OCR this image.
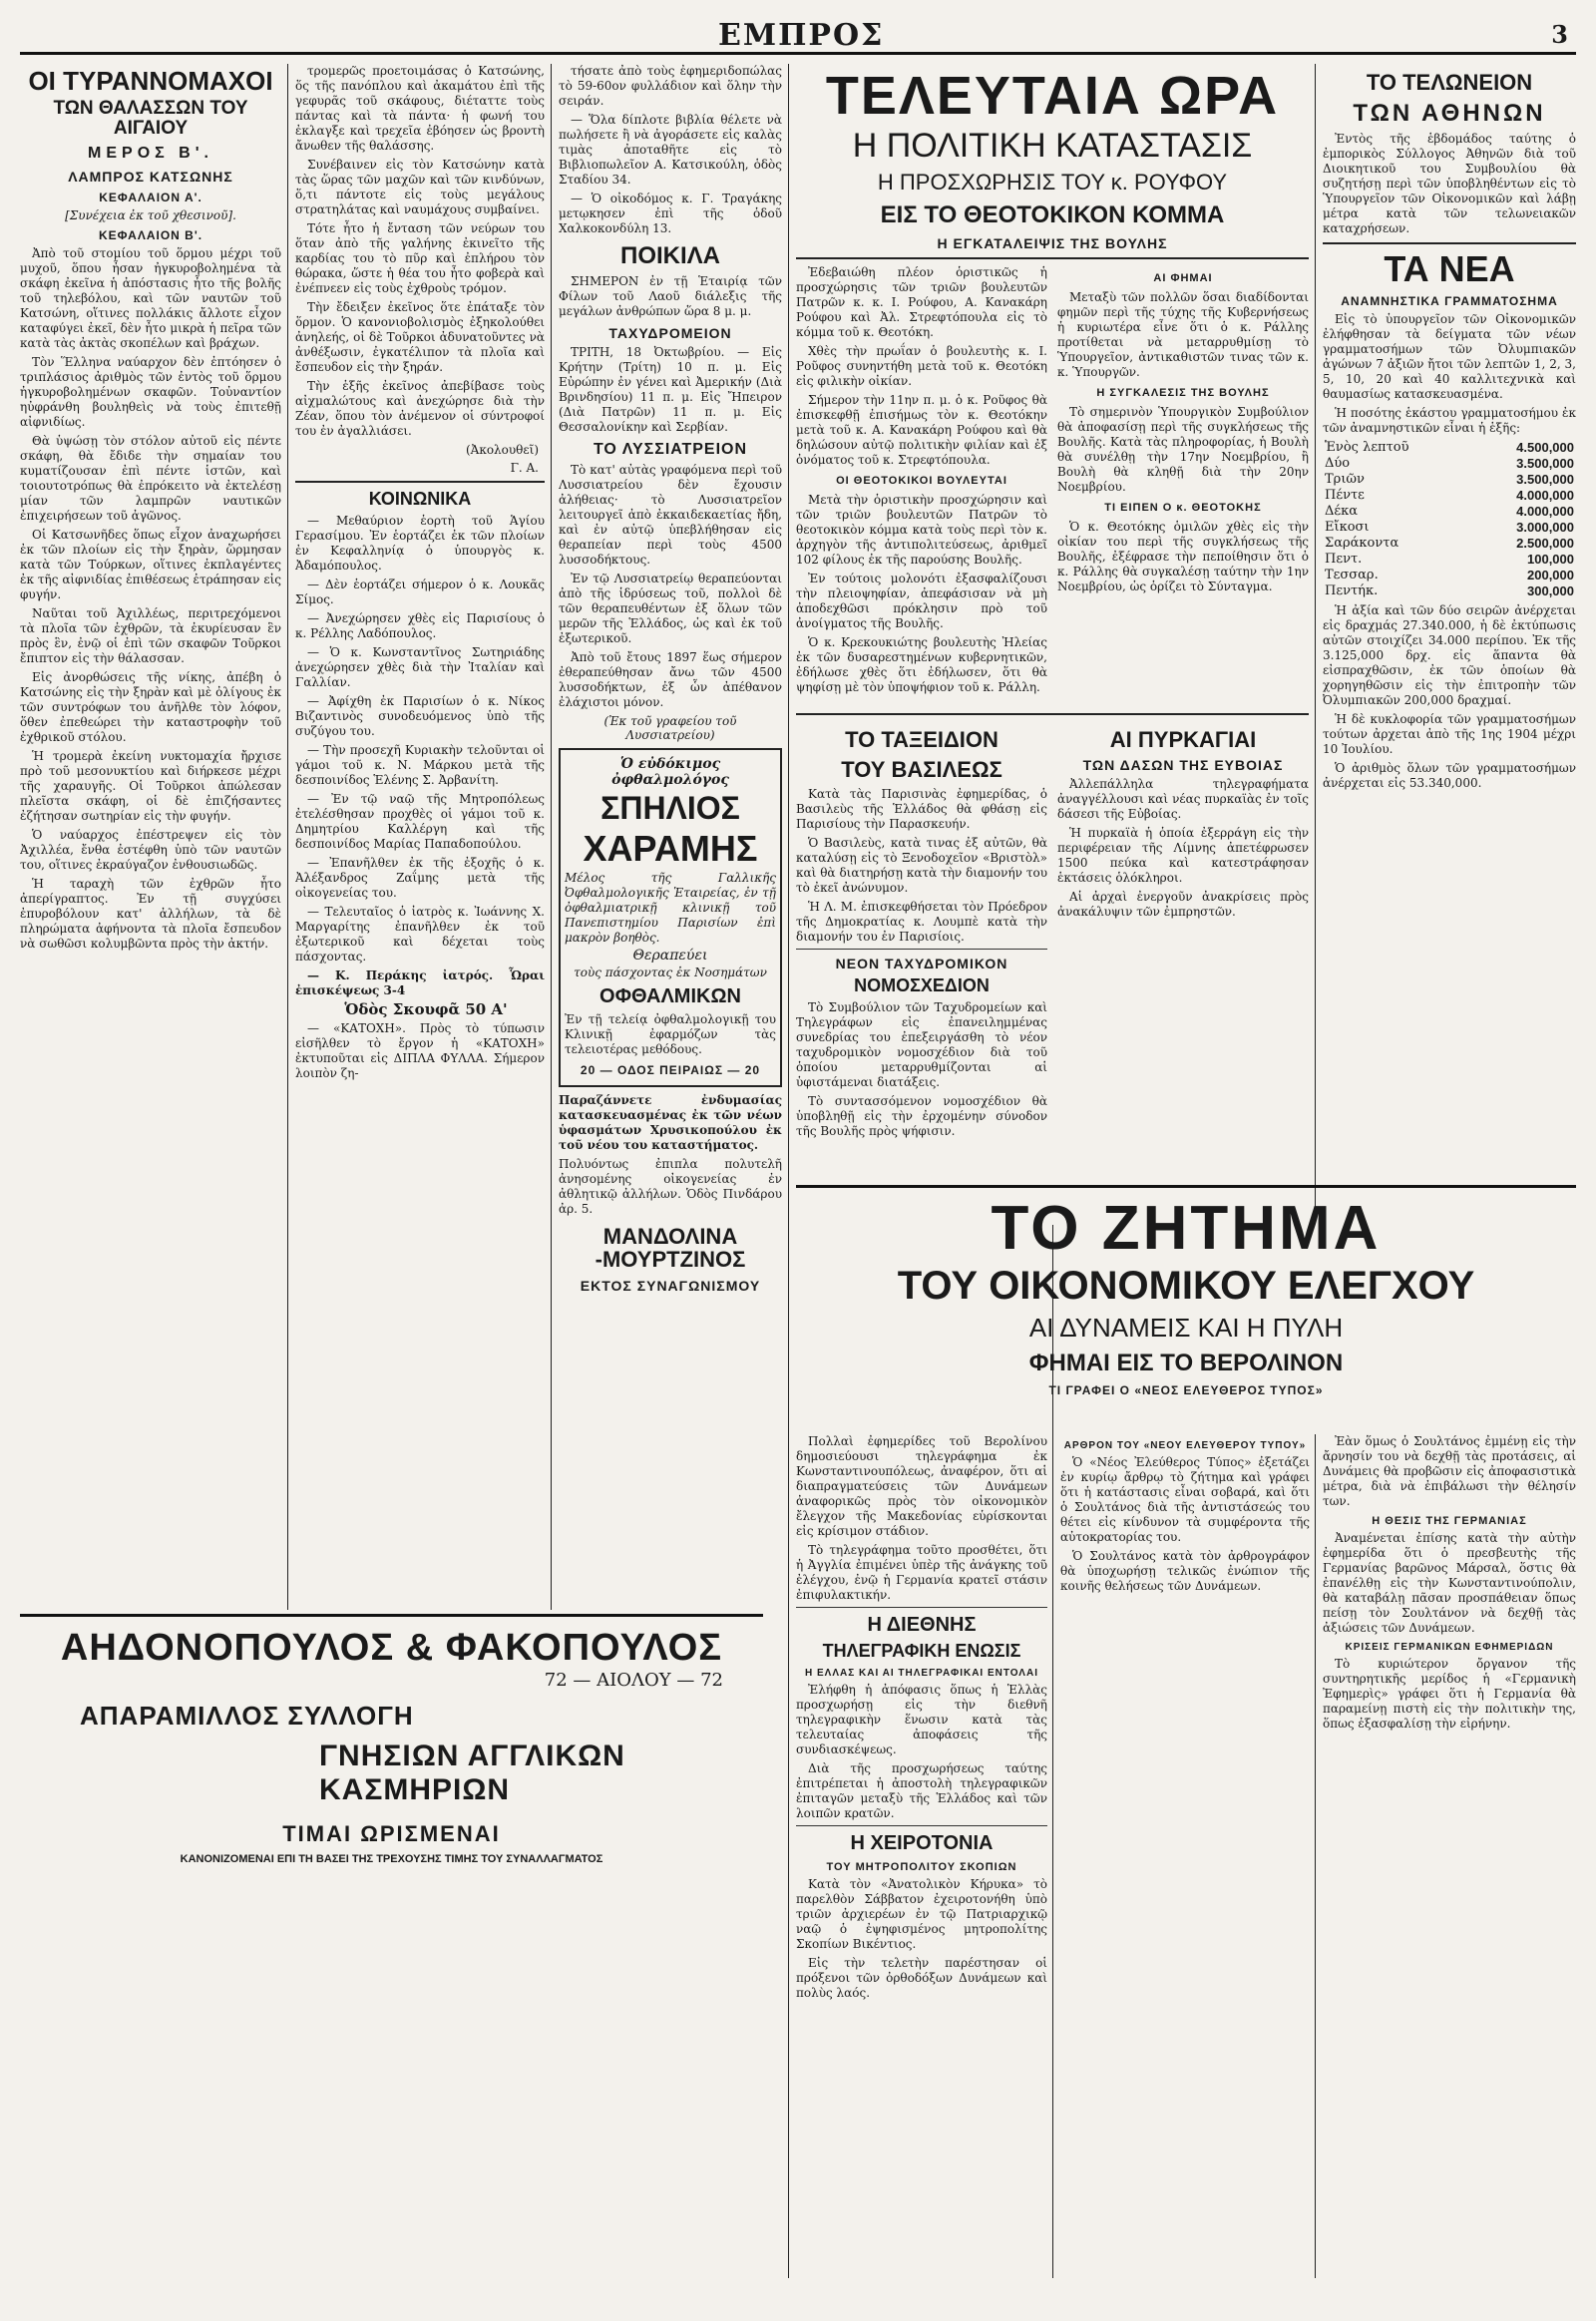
ΕΜΠΡΟΣ	3
ΟΙ ΤΥΡΑΝΝΟΜΑΧΟΙ
ΤΩΝ ΘΑΛΑΣΣΩΝ ΤΟΥ ΑΙΓΑΙΟΥ
ΜΕΡΟΣ Β'.
ΛΑΜΠΡΟΣ ΚΑΤΣΩΝΗΣ
ΚΕΦΑΛΑΙΟΝ Α'.
[Συνέχεια ἐκ τοῦ χθεσινοῦ].
ΚΕΦΑΛΑΙΟΝ Β'.

Ἀπὸ τοῦ στομίου τοῦ ὅρμου μέχρι τοῦ μυχοῦ, ὅπου ἦσαν ἠγκυροβολημένα τὰ σκάφη ἐκεῖνα ἡ ἀπόστασις ἦτο τῆς βολῆς τοῦ τηλεβόλου, καὶ τῶν ναυτῶν τοῦ Κατσώνη, οἵτινες πολλάκις ἄλλοτε εἶχον καταφύγει ἐκεῖ, δὲν ἦτο μικρὰ ἡ πεῖρα τῶν κατὰ τὰς ἀκτὰς σκοπέλων καὶ βράχων.

Τὸν Ἕλληνα ναύαρχον δὲν ἐπτόησεν ὁ τριπλάσιος ἀριθμὸς τῶν ἐντὸς τοῦ ὅρμου ἠγκυροβολημένων σκαφῶν. Τοὐναντίον ηὐφράνθη βουληθεὶς νὰ τοὺς ἐπιτεθῇ αἰφνιδίως.

Θὰ ὑψώσῃ τὸν στόλον αὐτοῦ εἰς πέντε σκάφη, θὰ ἔδιδε τὴν σημαίαν του κυματίζουσαν ἐπὶ πέντε ἱστῶν, καὶ τοιουτοτρόπως θὰ ἐπρόκειτο νὰ ἐκτελέσῃ μίαν τῶν λαμπρῶν ναυτικῶν ἐπιχειρήσεων τοῦ ἀγῶνος.

Οἱ Κατσωνῆδες ὅπως εἶχον ἀναχωρήσει ἐκ τῶν πλοίων εἰς τὴν ξηρὰν, ὥρμησαν κατὰ τῶν Τούρκων, οἵτινες ἐκπλαγέντες ἐκ τῆς αἰφνιδίας ἐπιθέσεως ἐτράπησαν εἰς φυγήν.

Ναῦται τοῦ Ἀχιλλέως, περιτρεχόμενοι τὰ πλοῖα τῶν ἐχθρῶν, τὰ ἐκυρίευσαν ἓν πρὸς ἓν, ἐνῷ οἱ ἐπὶ τῶν σκαφῶν Τοῦρκοι ἔπιπτον εἰς τὴν θάλασσαν.

Εἰς ἀνορθώσεις τῆς νίκης, ἀπέβη ὁ Κατσώνης εἰς τὴν ξηρὰν καὶ μὲ ὀλίγους ἐκ τῶν συντρόφων του ἀνῆλθε τὸν λόφον, ὅθεν ἐπεθεώρει τὴν καταστροφὴν τοῦ ἐχθρικοῦ στόλου.

Ἡ τρομερὰ ἐκείνη νυκτομαχία ἤρχισε πρὸ τοῦ μεσονυκτίου καὶ διήρκεσε μέχρι τῆς χαραυγῆς. Οἱ Τοῦρκοι ἀπώλεσαν πλεῖστα σκάφη, οἱ δὲ ἐπιζήσαντες ἐζήτησαν σωτηρίαν εἰς τὴν φυγήν.

Ὁ ναύαρχος ἐπέστρεψεν εἰς τὸν Ἀχιλλέα, ἔνθα ἐστέφθη ὑπὸ τῶν ναυτῶν του, οἵτινες ἐκραύγαζον ἐνθουσιωδῶς.

Ἡ ταραχὴ τῶν ἐχθρῶν ἦτο ἀπερίγραπτος. Ἐν τῇ συγχύσει ἐπυροβόλουν κατ' ἀλλήλων, τὰ δὲ πληρώματα ἀφήνοντα τὰ πλοῖα ἔσπευδον νὰ σωθῶσι κολυμβῶντα πρὸς τὴν ἀκτήν.

τρομερῶς προετοιμάσας ὁ Κατσώνης, ὅς τῆς πανόπλου καὶ ἀκαμάτου ἐπὶ τῆς γεφυρᾶς τοῦ σκάφους, διέταττε τοὺς πάντας καὶ τὰ πάντα· ἡ φωνή του ἐκλαγξε καὶ τρεχεῖα ἐβόησεν ὡς βροντὴ ἄνωθεν τῆς θαλάσσης.

Συνέβαινεν εἰς τὸν Κατσώνην κατὰ τὰς ὥρας τῶν μαχῶν καὶ τῶν κινδύνων, ὅ,τι πάντοτε εἰς τοὺς μεγάλους στρατηλάτας καὶ ναυμάχους συμβαίνει.

Τότε ἦτο ἡ ἔνταση τῶν νεύρων του ὅταν ἀπὸ τῆς γαλήνης ἐκινεῖτο τῆς καρδίας του τὸ πῦρ καὶ ἐπλήρου τὸν θώρακα, ὥστε ἡ θέα του ἦτο φοβερὰ καὶ ἐνέπνεεν εἰς τοὺς ἐχθροὺς τρόμον.

Τὴν ἔδειξεν ἐκεῖνος ὅτε ἐπάταξε τὸν ὅρμον. Ὁ κανονιοβολισμὸς ἐξηκολούθει ἀνηλεής, οἱ δὲ Τοῦρκοι ἀδυνατοῦντες νὰ ἀνθέξωσιν, ἐγκατέλιπον τὰ πλοῖα καὶ ἔσπευδον εἰς τὴν ξηράν.

Τὴν ἑξῆς ἐκεῖνος ἀπεβίβασε τοὺς αἰχμαλώτους καὶ ἀνεχώρησε διὰ τὴν Ζέαν, ὅπου τὸν ἀνέμενον οἱ σύντροφοί του ἐν ἀγαλλιάσει.

(Ἀκολουθεῖ)
Γ. Α.
ΚΟΙΝΩΝΙΚΑ

— Μεθαύριον ἑορτὴ τοῦ Ἁγίου Γερασίμου. Ἐν ἑορτάζει ἐκ τῶν πλοίων ἐν Κεφαλληνίᾳ ὁ ὑπουργὸς κ. Ἀδαμόπουλος.

— Δὲν ἑορτάζει σήμερον ὁ κ. Λουκᾶς Σίμος.

— Ἀνεχώρησεν χθὲς εἰς Παρισίους ὁ κ. Ρέλλης Λαδόπουλος.

— Ὁ κ. Κωνσταντῖνος Σωτηριάδης ἀνεχώρησεν χθὲς διὰ τὴν Ἰταλίαν καὶ Γαλλίαν.

— Ἀφίχθη ἐκ Παρισίων ὁ κ. Νίκος Βιζαντινὸς συνοδευόμενος ὑπὸ τῆς συζύγου του.

— Τὴν προσεχῆ Κυριακὴν τελοῦνται οἱ γάμοι τοῦ κ. Ν. Μάρκου μετὰ τῆς δεσποινίδος Ἑλένης Σ. Ἀρβανίτη.

— Ἐν τῷ ναῷ τῆς Μητροπόλεως ἐτελέσθησαν προχθὲς οἱ γάμοι τοῦ κ. Δημητρίου Καλλέργη καὶ τῆς δεσποινίδος Μαρίας Παπαδοπούλου.

— Ἐπανῆλθεν ἐκ τῆς ἐξοχῆς ὁ κ. Ἀλέξανδρος Ζαΐμης μετὰ τῆς οἰκογενείας του.

— Τελευταῖος ὁ ἰατρὸς κ. Ἰωάννης Χ. Μαργαρίτης ἐπανῆλθεν ἐκ τοῦ ἐξωτερικοῦ καὶ δέχεται τοὺς πάσχοντας.

— Κ. Περάκης ἰατρός. Ὧραι ἐπισκέψεως 3-4

Ὁδὸς Σκουφᾶ 50 Α'

— «ΚΑΤΟΧΗ». Πρὸς τὸ τύπωσιν εἰσῆλθεν τὸ ἔργον ἡ «ΚΑΤΟΧΗ» ἐκτυποῦται εἰς ΔΙΠΛΑ ΦΥΛΛΑ. Σήμερον λοιπὸν ζη-

τήσατε ἀπὸ τοὺς ἐφημεριδοπώλας τὸ 59-60ον φυλλάδιον καὶ ὅλην τὴν σειράν.

— Ὅλα δίπλοτε βιβλία θέλετε νὰ πωλήσετε ἢ νὰ ἀγοράσετε εἰς καλὰς τιμὰς ἀποταθῆτε εἰς τὸ Βιβλιοπωλεῖον Α. Κατσικούλη, ὁδὸς Σταδίου 34.

— Ὁ οἰκοδόμος κ. Γ. Τραγάκης μετῳκησεν ἐπὶ τῆς ὁδοῦ Χαλκοκονδύλη 13.

ΠΟΙΚΙΛΑ

ΣΗΜΕΡΟΝ ἐν τῇ Ἑταιρίᾳ τῶν Φίλων τοῦ Λαοῦ διάλεξις τῆς μεγάλων ἀνθρώπων ὥρα 8 μ. μ.

ΤΑΧΥΔΡΟΜΕΙΟΝ

ΤΡΙΤΗ, 18 Ὀκτωβρίου. — Εἰς Κρήτην (Τρίτη) 10 π. μ. Εἰς Εὐρώπην ἐν γένει καὶ Ἀμερικήν (Διὰ Βρινδησίου) 11 π. μ. Εἰς Ἤπειρον (Διὰ Πατρῶν) 11 π. μ. Εἰς Θεσσαλονίκην καὶ Σερβίαν.

ΤΟ ΛΥΣΣΙΑΤΡΕΙΟΝ

Τὸ κατ' αὐτὰς γραφόμενα περὶ τοῦ Λυσσιατρείου δὲν ἔχουσιν ἀλήθειας· τὸ Λυσσιατρεῖον λειτουργεῖ ἀπὸ ἐκκαιδεκαετίας ἤδη, καὶ ἐν αὐτῷ ὑπεβλήθησαν εἰς θεραπείαν περὶ τοὺς 4500 λυσσοδήκτους.

Ἐν τῷ Λυσσιατρείῳ θεραπεύονται ἀπὸ τῆς ἱδρύσεως τοῦ, πολλοὶ δὲ τῶν θεραπευθέντων ἐξ ὅλων τῶν μερῶν τῆς Ἑλλάδος, ὡς καὶ ἐκ τοῦ ἐξωτερικοῦ.

Ἀπὸ τοῦ ἔτους 1897 ἕως σήμερον ἐθεραπεύθησαν ἄνω τῶν 4500 λυσσοδήκτων, ἐξ ὧν ἀπέθανον ἐλάχιστοι μόνον.

(Ἐκ τοῦ γραφείου τοῦ Λυσσιατρείου)
Ὁ εὐδόκιμος ὀφθαλμολόγος
ΣΠΗΛΙΟΣ
ΧΑΡΑΜΗΣ
Μέλος τῆς Γαλλικῆς Ὀφθαλμολογικῆς Ἑταιρείας, ἐν τῇ ὀφθαλμιατρικῇ κλινικῇ τοῦ Πανεπιστημίου Παρισίων ἐπὶ μακρὸν βοηθὸς.
Θεραπεύει
τοὺς πάσχοντας ἐκ Νοσημάτων
ΟΦΘΑΛΜΙΚΩΝ
Ἐν τῇ τελείᾳ ὀφθαλμολογικῇ του Κλινικῇ ἐφαρμόζων τὰς τελειοτέρας μεθόδους.
20 — ΟΔΟΣ ΠΕΙΡΑΙΩΣ — 20
Παραζάννετε ἐνδυμασίας κατασκευασμένας ἐκ τῶν νέων ὑφασμάτων Χρυσικοπούλου ἐκ τοῦ νέου του καταστήματος.
Πολυόντως ἐπιπλα πολυτελῆ ἀνησομένης οἰκογενείας ἐν ἀθλητικῷ ἀλλήλων. Ὁδὸς Πινδάρου ἀρ. 5.
ΜΑΝΔΟΛΙΝΑ -ΜΟΥΡΤΖΙΝΟΣ
ΕΚΤΟΣ ΣΥΝΑΓΩΝΙΣΜΟΥ
ΤΕΛΕΥΤΑΙΑ ΩΡΑ
Η ΠΟΛΙΤΙΚΗ ΚΑΤΑΣΤΑΣΙΣ
Η ΠΡΟΣΧΩΡΗΣΙΣ ΤΟΥ κ. ΡΟΥΦΟΥ
ΕΙΣ ΤΟ ΘΕΟΤΟΚΙΚΟΝ ΚΟΜΜΑ
Η ΕΓΚΑΤΑΛΕΙΨΙΣ ΤΗΣ ΒΟΥΛΗΣ

Ἐδεβαιώθη πλέον ὁριστικῶς ἡ προσχώρησις τῶν τριῶν βουλευτῶν Πατρῶν κ. κ. Ι. Ρούφου, Α. Κανακάρη Ρούφου καὶ Ἀλ. Στρεφτόπουλα εἰς τὸ κόμμα τοῦ κ. Θεοτόκη.

Χθὲς τὴν πρωΐαν ὁ βουλευτὴς κ. Ι. Ροῦφος συνηντήθη μετὰ τοῦ κ. Θεοτόκη εἰς φιλικὴν οἰκίαν.

Σήμερον τὴν 11ην π. μ. ὁ κ. Ροῦφος θὰ ἐπισκεφθῇ ἐπισήμως τὸν κ. Θεοτόκην μετὰ τοῦ κ. Α. Κανακάρη Ρούφου καὶ θὰ δηλώσουν αὐτῷ πολιτικὴν φιλίαν καὶ ἐξ ὀνόματος τοῦ κ. Στρεφτόπουλα.

ΟΙ ΘΕΟΤΟΚΙΚΟΙ ΒΟΥΛΕΥΤΑΙ

Μετὰ τὴν ὁριστικὴν προσχώρησιν καὶ τῶν τριῶν βουλευτῶν Πατρῶν τὸ θεοτοκικὸν κόμμα κατὰ τοὺς περὶ τὸν κ. ἀρχηγὸν τῆς ἀντιπολιτεύσεως, ἀριθμεῖ 102 φίλους ἐκ τῆς παρούσης Βουλῆς.

Ἐν τούτοις μολονότι ἐξασφαλίζουσι τὴν πλειοψηφίαν, ἀπεφάσισαν νὰ μὴ ἀποδεχθῶσι πρόκλησιν πρὸ τοῦ ἀνοίγματος τῆς Βουλῆς.

Ὁ κ. Κρεκουκιώτης βουλευτὴς Ἠλείας ἐκ τῶν δυσαρεστημένων κυβερνητικῶν, ἐδήλωσε χθὲς ὅτι ἐδήλωσεν, ὅτι θὰ ψηφίσῃ μὲ τὸν ὑποψήφιον τοῦ κ. Ράλλη.

ΑΙ ΦΗΜΑΙ

Μεταξὺ τῶν πολλῶν ὅσαι διαδίδονται φημῶν περὶ τῆς τύχης τῆς Κυβερνήσεως ἡ κυριωτέρα εἶνε ὅτι ὁ κ. Ράλλης προτίθεται νὰ μεταρρυθμίσῃ τὸ Ὑπουργεῖον, ἀντικαθιστῶν τινας τῶν κ. κ. Ὑπουργῶν.

Η ΣΥΓΚΑΛΕΣΙΣ ΤΗΣ ΒΟΥΛΗΣ

Τὸ σημερινὸν Ὑπουργικὸν Συμβούλιον θὰ ἀποφασίσῃ περὶ τῆς συγκλήσεως τῆς Βουλῆς. Κατὰ τὰς πληροφορίας, ἡ Βουλὴ θὰ συνέλθῃ τὴν 17ην Νοεμβρίου, ἢ Βουλὴ θὰ κληθῇ διὰ τὴν 20ην Νοεμβρίου.

ΤΙ ΕΙΠΕΝ Ο κ. ΘΕΟΤΟΚΗΣ

Ὁ κ. Θεοτόκης ὁμιλῶν χθὲς εἰς τὴν οἰκίαν του περὶ τῆς συγκλήσεως τῆς Βουλῆς, ἐξέφρασε τὴν πεποίθησιν ὅτι ὁ κ. Ράλλης θὰ συγκαλέσῃ ταύτην τὴν 1ην Νοεμβρίου, ὡς ὁρίζει τὸ Σύνταγμα.

ΤΟ ΤΑΞΕΙΔΙΟΝ
ΤΟΥ ΒΑΣΙΛΕΩΣ

Κατὰ τὰς Παρισινὰς ἐφημερίδας, ὁ Βασιλεὺς τῆς Ἑλλάδος θὰ φθάσῃ εἰς Παρισίους τὴν Παρασκευήν.

Ὁ Βασιλεὺς, κατὰ τινας ἐξ αὐτῶν, θὰ καταλύσῃ εἰς τὸ Ξενοδοχεῖον «Βριστὸλ» καὶ θὰ διατηρήσῃ κατὰ τὴν διαμονήν του τὸ ἐκεῖ ἀνώνυμον.

Ἡ Λ. Μ. ἐπισκεφθήσεται τὸν Πρόεδρον τῆς Δημοκρατίας κ. Λουμπὲ κατὰ τὴν διαμονήν του ἐν Παρισίοις.

ΝΕΟΝ ΤΑΧΥΔΡΟΜΙΚΟΝ
ΝΟΜΟΣΧΕΔΙΟΝ

Τὸ Συμβούλιον τῶν Ταχυδρομείων καὶ Τηλεγράφων εἰς ἐπανειλημμένας συνεδρίας του ἐπεξειργάσθη τὸ νέον ταχυδρομικὸν νομοσχέδιον διὰ τοῦ ὁποίου μεταρρυθμίζονται αἱ ὑφιστάμεναι διατάξεις.

Τὸ συντασσόμενον νομοσχέδιον θὰ ὑποβληθῇ εἰς τὴν ἐρχομένην σύνοδον τῆς Βουλῆς πρὸς ψήφισιν.

ΑΙ ΠΥΡΚΑΓΙΑΙ
ΤΩΝ ΔΑΣΩΝ ΤΗΣ ΕΥΒΟΙΑΣ

Ἀλλεπάλληλα τηλεγραφήματα ἀναγγέλλουσι καὶ νέας πυρκαϊὰς ἐν τοῖς δάσεσι τῆς Εὐβοίας.

Ἡ πυρκαϊὰ ἡ ὁποία ἐξερράγη εἰς τὴν περιφέρειαν τῆς Λίμνης ἀπετέφρωσεν 1500 πεύκα καὶ κατεστράφησαν ἑκτάσεις ὁλόκληροι.

Αἱ ἀρχαὶ ἐνεργοῦν ἀνακρίσεις πρὸς ἀνακάλυψιν τῶν ἐμπρηστῶν.

ΤΟ ΤΕΛΩΝΕΙΟΝ
ΤΩΝ ΑΘΗΝΩΝ

Ἐντὸς τῆς ἑβδομάδος ταύτης ὁ ἐμπορικὸς Σύλλογος Ἀθηνῶν διὰ τοῦ Διοικητικοῦ του Συμβουλίου θὰ συζητήσῃ περὶ τῶν ὑποβληθέντων εἰς τὸ Ὑπουργεῖον τῶν Οἰκονομικῶν καὶ λάβῃ μέτρα κατὰ τῶν τελωνειακῶν καταχρήσεων.

ΤΑ ΝΕΑ
ΑΝΑΜΝΗΣΤΙΚΑ ΓΡΑΜΜΑΤΟΣΗΜΑ

Εἰς τὸ ὑπουργεῖον τῶν Οἰκονομικῶν ἐλήφθησαν τὰ δείγματα τῶν νέων γραμματοσήμων τῶν Ὀλυμπιακῶν ἀγώνων 7 ἀξιῶν ἤτοι τῶν λεπτῶν 1, 2, 3, 5, 10, 20 καὶ 40 καλλιτεχνικὰ καὶ θαυμασίως κατασκευασμένα.

Ἡ ποσότης ἑκάστου γραμματοσήμου ἐκ τῶν ἀναμνηστικῶν εἶναι ἡ ἑξῆς:

Ἑνὸς λεπτοῦ	4.500,000
Δύο	3.500,000
Τριῶν	3.500,000
Πέντε	4.000,000
Δέκα	4.000,000
Εἴκοσι	3.000,000
Σαράκοντα	2.500,000
Πεντ.	100,000
Τεσσαρ.	200,000
Πεντήκ.	300,000

Ἡ ἀξία καὶ τῶν δύο σειρῶν ἀνέρχεται εἰς δραχμάς 27.340.000, ἡ δὲ ἐκτύπωσις αὐτῶν στοιχίζει 34.000 περίπου. Ἐκ τῆς 3.125,000 δρχ. εἰς ἅπαντα θὰ εἰσπραχθῶσιν, ἐκ τῶν ὁποίων θὰ χορηγηθῶσιν εἰς τὴν ἐπιτροπὴν τῶν Ὀλυμπιακῶν 200,000 δραχμαί.

Ἡ δὲ κυκλοφορία τῶν γραμματοσήμων τούτων ἀρχεται ἀπὸ τῆς 1ης 1904 μέχρι 10 Ἰουλίου.

Ὁ ἀριθμὸς ὅλων τῶν γραμματοσήμων ἀνέρχεται εἰς 53.340,000.

ΤΟ ΖΗΤΗΜΑ
ΤΟΥ ΟΙΚΟΝΟΜΙΚΟΥ ΕΛΕΓΧΟΥ
ΑΙ ΔΥΝΑΜΕΙΣ ΚΑΙ Η ΠΥΛΗ
ΦΗΜΑΙ ΕΙΣ ΤΟ ΒΕΡΟΛΙΝΟΝ
ΤΙ ΓΡΑΦΕΙ Ο «ΝΕΟΣ ΕΛΕΥΘΕΡΟΣ ΤΥΠΟΣ»

Πολλαὶ ἐφημερίδες τοῦ Βερολίνου δημοσιεύουσι τηλεγράφημα ἐκ Κωνσταντινουπόλεως, ἀναφέρον, ὅτι αἱ διαπραγματεύσεις τῶν Δυνάμεων ἀναφορικῶς πρὸς τὸν οἰκονομικὸν ἔλεγχον τῆς Μακεδονίας εὑρίσκονται εἰς κρίσιμον στάδιον.

Τὸ τηλεγράφημα τοῦτο προσθέτει, ὅτι ἡ Ἀγγλία ἐπιμένει ὑπὲρ τῆς ἀνάγκης τοῦ ἐλέγχου, ἐνῷ ἡ Γερμανία κρατεῖ στάσιν ἐπιφυλακτικήν.

Η ΔΙΕΘΝΗΣ
ΤΗΛΕΓΡΑΦΙΚΗ ΕΝΩΣΙΣ
Η ΕΛΛΑΣ ΚΑΙ ΑΙ ΤΗΛΕΓΡΑΦΙΚΑΙ ΕΝΤΟΛΑΙ

Ἐλήφθη ἡ ἀπόφασις ὅπως ἡ Ἑλλὰς προσχωρήσῃ εἰς τὴν διεθνῆ τηλεγραφικὴν ἕνωσιν κατὰ τὰς τελευταίας ἀποφάσεις τῆς συνδιασκέψεως.

Διὰ τῆς προσχωρήσεως ταύτης ἐπιτρέπεται ἡ ἀποστολὴ τηλεγραφικῶν ἐπιταγῶν μεταξὺ τῆς Ἑλλάδος καὶ τῶν λοιπῶν κρατῶν.

Η ΧΕΙΡΟΤΟΝΙΑ
ΤΟΥ ΜΗΤΡΟΠΟΛΙΤΟΥ ΣΚΟΠΙΩΝ

Κατὰ τὸν «Ἀνατολικὸν Κήρυκα» τὸ παρελθὸν Σάββατον ἐχειροτονήθη ὑπὸ τριῶν ἀρχιερέων ἐν τῷ Πατριαρχικῷ ναῷ ὁ ἐψηφισμένος μητροπολίτης Σκοπίων Βικέντιος.

Εἰς τὴν τελετὴν παρέστησαν οἱ πρόξενοι τῶν ὀρθοδόξων Δυνάμεων καὶ πολὺς λαός.

ΑΡΘΡΟΝ ΤΟΥ «ΝΕΟΥ ΕΛΕΥΘΕΡΟΥ ΤΥΠΟΥ»

Ὁ «Νέος Ἐλεύθερος Τύπος» ἐξετάζει ἐν κυρίῳ ἄρθρῳ τὸ ζήτημα καὶ γράφει ὅτι ἡ κατάστασις εἶναι σοβαρά, καὶ ὅτι ὁ Σουλτάνος διὰ τῆς ἀντιστάσεώς του θέτει εἰς κίνδυνον τὰ συμφέροντα τῆς αὐτοκρατορίας του.

Ὁ Σουλτάνος κατὰ τὸν ἀρθρογράφον θὰ ὑποχωρήσῃ τελικῶς ἐνώπιον τῆς κοινῆς θελήσεως τῶν Δυνάμεων.

Ἐὰν ὅμως ὁ Σουλτάνος ἐμμένῃ εἰς τὴν ἄρνησίν του νὰ δεχθῇ τὰς προτάσεις, αἱ Δυνάμεις θὰ προβῶσιν εἰς ἀποφασιστικὰ μέτρα, διὰ νὰ ἐπιβάλωσι τὴν θέλησίν των.

Η ΘΕΣΙΣ ΤΗΣ ΓΕΡΜΑΝΙΑΣ

Ἀναμένεται ἐπίσης κατὰ τὴν αὐτὴν ἐφημερίδα ὅτι ὁ πρεσβευτὴς τῆς Γερμανίας βαρῶνος Μάρσαλ, ὅστις θὰ ἐπανέλθῃ εἰς τὴν Κωνσταντινούπολιν, θὰ καταβάλῃ πᾶσαν προσπάθειαν ὅπως πείσῃ τὸν Σουλτάνον νὰ δεχθῇ τὰς ἀξιώσεις τῶν Δυνάμεων.

ΚΡΙΣΕΙΣ ΓΕΡΜΑΝΙΚΩΝ ΕΦΗΜΕΡΙΔΩΝ

Τὸ κυριώτερον ὄργανον τῆς συντηρητικῆς μερίδος ἡ «Γερμανικὴ Ἐφημερὶς» γράφει ὅτι ἡ Γερμανία θὰ παραμείνῃ πιστὴ εἰς τὴν πολιτικὴν της, ὅπως ἐξασφαλίσῃ τὴν εἰρήνην.

ΑΗΔΟΝΟΠΟΥΛΟΣ & ΦΑΚΟΠΟΥΛΟΣ
72 — ΑΙΟΛΟΥ — 72
ΑΠΑΡΑΜΙΛΛΟΣ ΣΥΛΛΟΓΗ
ΓΝΗΣΙΩΝ ΑΓΓΛΙΚΩΝ ΚΑΣΜΗΡΙΩΝ
ΤΙΜΑΙ ΩΡΙΣΜΕΝΑΙ
ΚΑΝΟΝΙΖΟΜΕΝΑΙ ΕΠΙ ΤΗ ΒΑΣΕΙ ΤΗΣ ΤΡΕΧΟΥΣΗΣ ΤΙΜΗΣ ΤΟΥ ΣΥΝΑΛΛΑΓΜΑΤΟΣ
